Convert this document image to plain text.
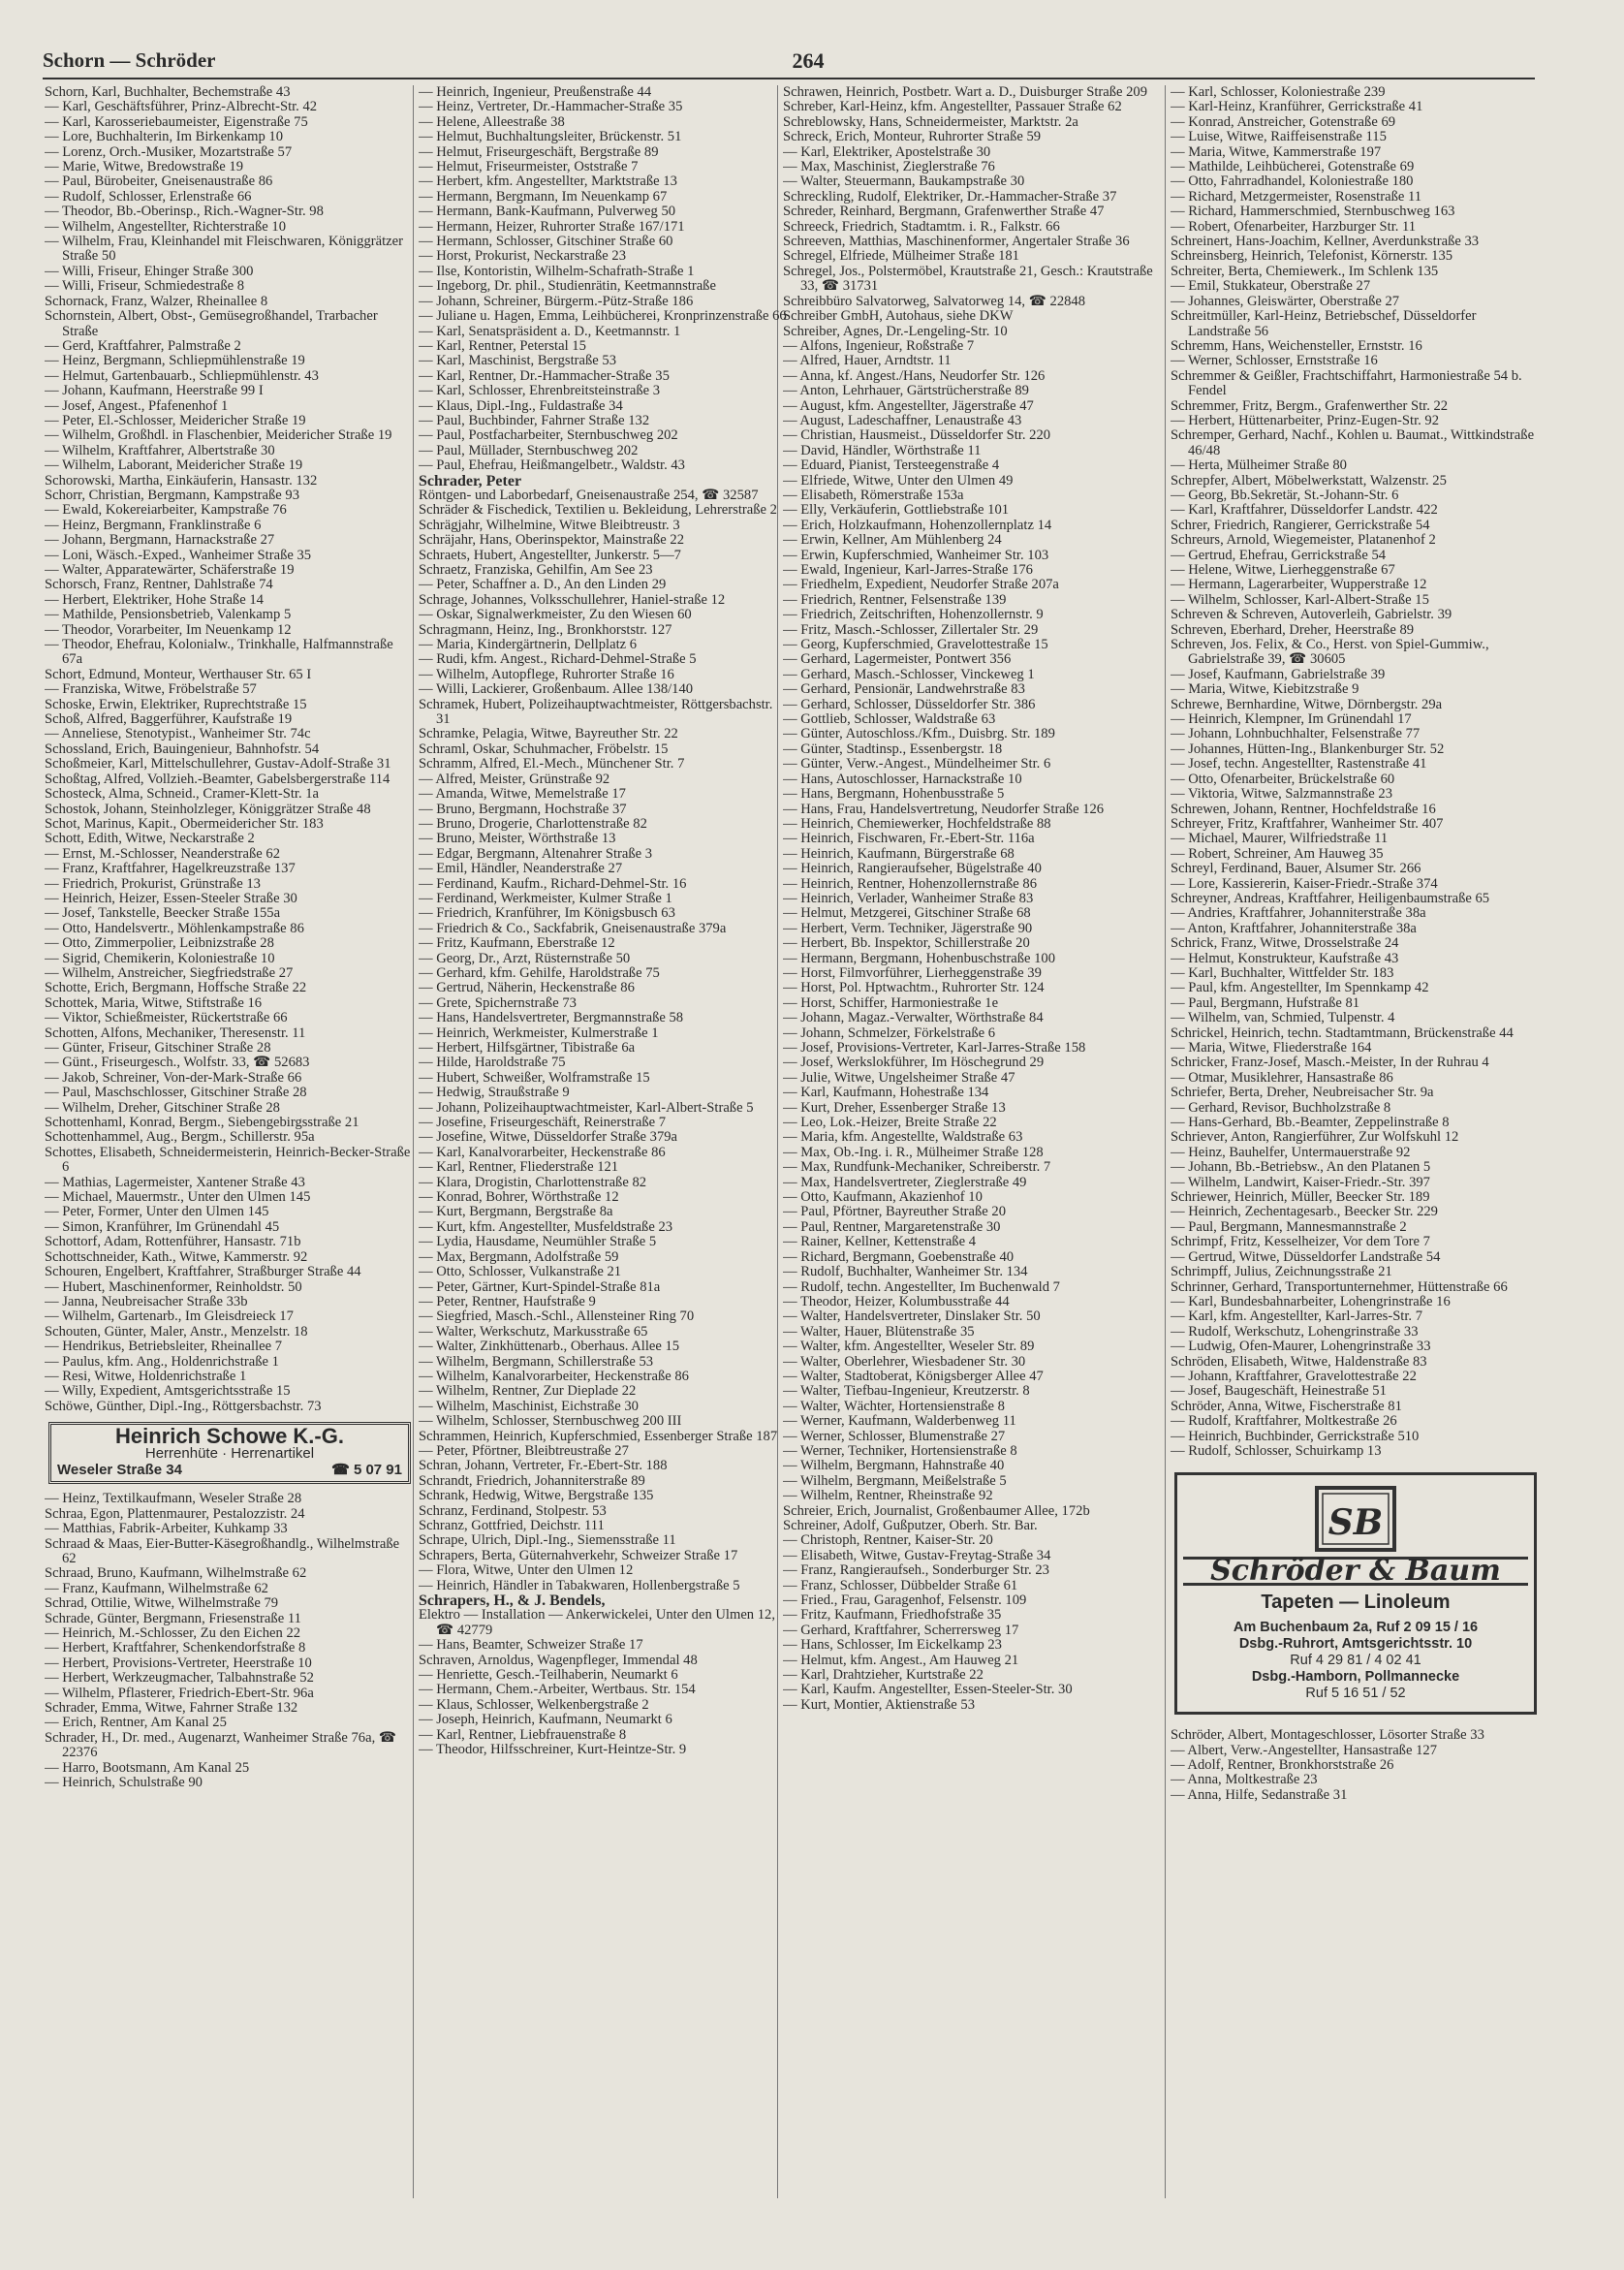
Schorn — Schröder	264

Schorn, Karl, Buchhalter, Bechemstraße 43

— Karl, Geschäftsführer, Prinz-Albrecht-Str. 42

— Karl, Karosseriebaumeister, Eigenstraße 75

— Lore, Buchhalterin, Im Birkenkamp 10

— Lorenz, Orch.-Musiker, Mozartstraße 57

— Marie, Witwe, Bredowstraße 19

— Paul, Bürobeiter, Gneisenaustraße 86

— Rudolf, Schlosser, Erlenstraße 66

— Theodor, Bb.-Oberinsp., Rich.-Wagner-Str. 98

— Wilhelm, Angestellter, Richterstraße 10

— Wilhelm, Frau, Kleinhandel mit Fleischwaren, Königgrätzer Straße 50

— Willi, Friseur, Ehinger Straße 300

— Willi, Friseur, Schmiedestraße 8

Schornack, Franz, Walzer, Rheinallee 8

Schornstein, Albert, Obst-, Gemüsegroßhandel, Trarbacher Straße

— Gerd, Kraftfahrer, Palmstraße 2

— Heinz, Bergmann, Schliepmühlenstraße 19

— Helmut, Gartenbauarb., Schliepmühlenstr. 43

— Johann, Kaufmann, Heerstraße 99 I

— Josef, Angest., Pfafenenhof 1

— Peter, El.-Schlosser, Meidericher Straße 19

— Wilhelm, Großhdl. in Flaschenbier, Meidericher Straße 19

— Wilhelm, Kraftfahrer, Albertstraße 30

— Wilhelm, Laborant, Meidericher Straße 19

Schorowski, Martha, Einkäuferin, Hansastr. 132

Schorr, Christian, Bergmann, Kampstraße 93

— Ewald, Kokereiarbeiter, Kampstraße 76

— Heinz, Bergmann, Franklinstraße 6

— Johann, Bergmann, Harnackstraße 27

— Loni, Wäsch.-Exped., Wanheimer Straße 35

— Walter, Apparatewärter, Schäferstraße 19

Schorsch, Franz, Rentner, Dahlstraße 74

— Herbert, Elektriker, Hohe Straße 14

— Mathilde, Pensionsbetrieb, Valenkamp 5

— Theodor, Vorarbeiter, Im Neuenkamp 12

— Theodor, Ehefrau, Kolonialw., Trinkhalle, Halfmannstraße 67a

Schort, Edmund, Monteur, Werthauser Str. 65 I

— Franziska, Witwe, Fröbelstraße 57

Schoske, Erwin, Elektriker, Ruprechtstraße 15

Schoß, Alfred, Baggerführer, Kaufstraße 19

— Anneliese, Stenotypist., Wanheimer Str. 74c

Schossland, Erich, Bauingenieur, Bahnhofstr. 54

Schoßmeier, Karl, Mittelschullehrer, Gustav-Adolf-Straße 31

Schoßtag, Alfred, Vollzieh.-Beamter, Gabelsbergerstraße 114

Schosteck, Alma, Schneid., Cramer-Klett-Str. 1a

Schostok, Johann, Steinholzleger, Königgrätzer Straße 48

Schot, Marinus, Kapit., Obermeidericher Str. 183

Schott, Edith, Witwe, Neckarstraße 2

— Ernst, M.-Schlosser, Neanderstraße 62

— Franz, Kraftfahrer, Hagelkreuzstraße 137

— Friedrich, Prokurist, Grünstraße 13

— Heinrich, Heizer, Essen-Steeler Straße 30

— Josef, Tankstelle, Beecker Straße 155a

— Otto, Handelsvertr., Möhlenkampstraße 86

— Otto, Zimmerpolier, Leibnizstraße 28

— Sigrid, Chemikerin, Koloniestraße 10

— Wilhelm, Anstreicher, Siegfriedstraße 27

Schotte, Erich, Bergmann, Hoffsche Straße 22

Schottek, Maria, Witwe, Stiftstraße 16

— Viktor, Schießmeister, Rückertstraße 66

Schotten, Alfons, Mechaniker, Theresenstr. 11

— Günter, Friseur, Gitschiner Straße 28

— Günt., Friseurgesch., Wolfstr. 33, ☎ 52683

— Jakob, Schreiner, Von-der-Mark-Straße 66

— Paul, Maschschlosser, Gitschiner Straße 28

— Wilhelm, Dreher, Gitschiner Straße 28

Schottenhaml, Konrad, Bergm., Siebengebirgsstraße 21

Schottenhammel, Aug., Bergm., Schillerstr. 95a

Schottes, Elisabeth, Schneidermeisterin, Heinrich-Becker-Straße 6

— Mathias, Lagermeister, Xantener Straße 43

— Michael, Mauermstr., Unter den Ulmen 145

— Peter, Former, Unter den Ulmen 145

— Simon, Kranführer, Im Grünendahl 45

Schottorf, Adam, Rottenführer, Hansastr. 71b

Schottschneider, Kath., Witwe, Kammerstr. 92

Schouren, Engelbert, Kraftfahrer, Straßburger Straße 44

— Hubert, Maschinenformer, Reinholdstr. 50

— Janna, Neubreisacher Straße 33b

— Wilhelm, Gartenarb., Im Gleisdreieck 17

Schouten, Günter, Maler, Anstr., Menzelstr. 18

— Hendrikus, Betriebsleiter, Rheinallee 7

— Paulus, kfm. Ang., Holdenrichstraße 1

— Resi, Witwe, Holdenrichstraße 1

— Willy, Expedient, Amtsgerichtsstraße 15

Schöwe, Günther, Dipl.-Ing., Röttgersbachstr. 73

Heinrich Schowe K.-G.
Herrenhüte · Herrenartikel
Weseler Straße 34	☎ 5 07 91

— Heinz, Textilkaufmann, Weseler Straße 28

Schraa, Egon, Plattenmaurer, Pestalozzistr. 24

— Matthias, Fabrik-Arbeiter, Kuhkamp 33

Schraad & Maas, Eier-Butter-Käsegroßhandlg., Wilhelmstraße 62

Schraad, Bruno, Kaufmann, Wilhelmstraße 62

— Franz, Kaufmann, Wilhelmstraße 62

Schrad, Ottilie, Witwe, Wilhelmstraße 79

Schrade, Günter, Bergmann, Friesenstraße 11

— Heinrich, M.-Schlosser, Zu den Eichen 22

— Herbert, Kraftfahrer, Schenkendorfstraße 8

— Herbert, Provisions-Vertreter, Heerstraße 10

— Herbert, Werkzeugmacher, Talbahnstraße 52

— Wilhelm, Pflasterer, Friedrich-Ebert-Str. 96a

Schrader, Emma, Witwe, Fahrner Straße 132

— Erich, Rentner, Am Kanal 25

Schrader, H., Dr. med., Augenarzt, Wanheimer Straße 76a, ☎ 22376

— Harro, Bootsmann, Am Kanal 25

— Heinrich, Schulstraße 90

— Heinrich, Ingenieur, Preußenstraße 44

— Heinz, Vertreter, Dr.-Hammacher-Straße 35

— Helene, Alleestraße 38

— Helmut, Buchhaltungsleiter, Brückenstr. 51

— Helmut, Friseurgeschäft, Bergstraße 89

— Helmut, Friseurmeister, Oststraße 7

— Herbert, kfm. Angestellter, Marktstraße 13

— Hermann, Bergmann, Im Neuenkamp 67

— Hermann, Bank-Kaufmann, Pulverweg 50

— Hermann, Heizer, Ruhrorter Straße 167/171

— Hermann, Schlosser, Gitschiner Straße 60

— Horst, Prokurist, Neckarstraße 23

— Ilse, Kontoristin, Wilhelm-Schafrath-Straße 1

— Ingeborg, Dr. phil., Studienrätin, Keetmannstraße

— Johann, Schreiner, Bürgerm.-Pütz-Straße 186

— Juliane u. Hagen, Emma, Leihbücherei, Kronprinzenstraße 66

— Karl, Senatspräsident a. D., Keetmannstr. 1

— Karl, Rentner, Peterstal 15

— Karl, Maschinist, Bergstraße 53

— Karl, Rentner, Dr.-Hammacher-Straße 35

— Karl, Schlosser, Ehrenbreitsteinstraße 3

— Klaus, Dipl.-Ing., Fuldastraße 34

— Paul, Buchbinder, Fahrner Straße 132

— Paul, Postfacharbeiter, Sternbuschweg 202

— Paul, Müllader, Sternbuschweg 202

— Paul, Ehefrau, Heißmangelbetr., Waldstr. 43

Schrader, Peter

Röntgen- und Laborbedarf, Gneisenaustraße 254, ☎ 32587

Schräder & Fischedick, Textilien u. Bekleidung, Lehrerstraße 2

Schrägjahr, Wilhelmine, Witwe Bleibtreustr. 3

Schräjahr, Hans, Oberinspektor, Mainstraße 22

Schraets, Hubert, Angestellter, Junkerstr. 5—7

Schraetz, Franziska, Gehilfin, Am See 23

— Peter, Schaffner a. D., An den Linden 29

Schrage, Johannes, Volksschullehrer, Haniel-straße 12

— Oskar, Signalwerkmeister, Zu den Wiesen 60

Schragmann, Heinz, Ing., Bronkhorststr. 127

— Maria, Kindergärtnerin, Dellplatz 6

— Rudi, kfm. Angest., Richard-Dehmel-Straße 5

— Wilhelm, Autopflege, Ruhrorter Straße 16

— Willi, Lackierer, Großenbaum. Allee 138/140

Schramek, Hubert, Polizeihauptwachtmeister, Röttgersbachstr. 31

Schramke, Pelagia, Witwe, Bayreuther Str. 22

Schraml, Oskar, Schuhmacher, Fröbelstr. 15

Schramm, Alfred, El.-Mech., Münchener Str. 7

— Alfred, Meister, Grünstraße 92

— Amanda, Witwe, Memelstraße 17

— Bruno, Bergmann, Hochstraße 37

— Bruno, Drogerie, Charlottenstraße 82

— Bruno, Meister, Wörthstraße 13

— Edgar, Bergmann, Altenahrer Straße 3

— Emil, Händler, Neanderstraße 27

— Ferdinand, Kaufm., Richard-Dehmel-Str. 16

— Ferdinand, Werkmeister, Kulmer Straße 1

— Friedrich, Kranführer, Im Königsbusch 63

— Friedrich & Co., Sackfabrik, Gneisenaustraße 379a

— Fritz, Kaufmann, Eberstraße 12

— Georg, Dr., Arzt, Rüsternstraße 50

— Gerhard, kfm. Gehilfe, Haroldstraße 75

— Gertrud, Näherin, Heckenstraße 86

— Grete, Spichernstraße 73

— Hans, Handelsvertreter, Bergmannstraße 58

— Heinrich, Werkmeister, Kulmerstraße 1

— Herbert, Hilfsgärtner, Tibistraße 6a

— Hilde, Haroldstraße 75

— Hubert, Schweißer, Wolframstraße 15

— Hedwig, Straußstraße 9

— Johann, Polizeihauptwachtmeister, Karl-Albert-Straße 5

— Josefine, Friseurgeschäft, Reinerstraße 7

— Josefine, Witwe, Düsseldorfer Straße 379a

— Karl, Kanalvorarbeiter, Heckenstraße 86

— Karl, Rentner, Fliederstraße 121

— Klara, Drogistin, Charlottenstraße 82

— Konrad, Bohrer, Wörthstraße 12

— Kurt, Bergmann, Bergstraße 8a

— Kurt, kfm. Angestellter, Musfeldstraße 23

— Lydia, Hausdame, Neumühler Straße 5

— Max, Bergmann, Adolfstraße 59

— Otto, Schlosser, Vulkanstraße 21

— Peter, Gärtner, Kurt-Spindel-Straße 81a

— Peter, Rentner, Haufstraße 9

— Siegfried, Masch.-Schl., Allensteiner Ring 70

— Walter, Werkschutz, Markusstraße 65

— Walter, Zinkhüttenarb., Oberhaus. Allee 15

— Wilhelm, Bergmann, Schillerstraße 53

— Wilhelm, Kanalvorarbeiter, Heckenstraße 86

— Wilhelm, Rentner, Zur Dieplade 22

— Wilhelm, Maschinist, Eichstraße 30

— Wilhelm, Schlosser, Sternbuschweg 200 III

Schrammen, Heinrich, Kupferschmied, Essenberger Straße 187

— Peter, Pförtner, Bleibtreustraße 27

Schran, Johann, Vertreter, Fr.-Ebert-Str. 188

Schrandt, Friedrich, Johanniterstraße 89

Schrank, Hedwig, Witwe, Bergstraße 135

Schranz, Ferdinand, Stolpestr. 53

Schranz, Gottfried, Deichstr. 111

Schrape, Ulrich, Dipl.-Ing., Siemensstraße 11

Schrapers, Berta, Güternahverkehr, Schweizer Straße 17

— Flora, Witwe, Unter den Ulmen 12

— Heinrich, Händler in Tabakwaren, Hollenbergstraße 5

Schrapers, H., & J. Bendels,

Elektro — Installation — Ankerwickelei, Unter den Ulmen 12, ☎ 42779

— Hans, Beamter, Schweizer Straße 17

Schraven, Arnoldus, Wagenpfleger, Immendal 48

— Henriette, Gesch.-Teilhaberin, Neumarkt 6

— Hermann, Chem.-Arbeiter, Wertbaus. Str. 154

— Klaus, Schlosser, Welkenbergstraße 2

— Joseph, Heinrich, Kaufmann, Neumarkt 6

— Karl, Rentner, Liebfrauenstraße 8

— Theodor, Hilfsschreiner, Kurt-Heintze-Str. 9

Schrawen, Heinrich, Postbetr. Wart a. D., Duisburger Straße 209

Schreber, Karl-Heinz, kfm. Angestellter, Passauer Straße 62

Schreblowsky, Hans, Schneidermeister, Marktstr. 2a

Schreck, Erich, Monteur, Ruhrorter Straße 59

— Karl, Elektriker, Apostelstraße 30

— Max, Maschinist, Zieglerstraße 76

— Walter, Steuermann, Baukampstraße 30

Schreckling, Rudolf, Elektriker, Dr.-Hammacher-Straße 37

Schreder, Reinhard, Bergmann, Grafenwerther Straße 47

Schreeck, Friedrich, Stadtamtm. i. R., Falkstr. 66

Schreeven, Matthias, Maschinenformer, Angertaler Straße 36

Schregel, Elfriede, Mülheimer Straße 181

Schregel, Jos., Polstermöbel, Krautstraße 21, Gesch.: Krautstraße 33, ☎ 31731

Schreibbüro Salvatorweg, Salvatorweg 14, ☎ 22848

Schreiber GmbH, Autohaus, siehe DKW

Schreiber, Agnes, Dr.-Lengeling-Str. 10

— Alfons, Ingenieur, Roßstraße 7

— Alfred, Hauer, Arndtstr. 11

— Anna, kf. Angest./Hans, Neudorfer Str. 126

— Anton, Lehrhauer, Gärtstrücherstraße 89

— August, kfm. Angestellter, Jägerstraße 47

— August, Ladeschaffner, Lenaustraße 43

— Christian, Hausmeist., Düsseldorfer Str. 220

— David, Händler, Wörthstraße 11

— Eduard, Pianist, Tersteegenstraße 4

— Elfriede, Witwe, Unter den Ulmen 49

— Elisabeth, Römerstraße 153a

— Elly, Verkäuferin, Gottliebstraße 101

— Erich, Holzkaufmann, Hohenzollernplatz 14

— Erwin, Kellner, Am Mühlenberg 24

— Erwin, Kupferschmied, Wanheimer Str. 103

— Ewald, Ingenieur, Karl-Jarres-Straße 176

— Friedhelm, Expedient, Neudorfer Straße 207a

— Friedrich, Rentner, Felsenstraße 139

— Friedrich, Zeitschriften, Hohenzollernstr. 9

— Fritz, Masch.-Schlosser, Zillertaler Str. 29

— Georg, Kupferschmied, Gravelottestraße 15

— Gerhard, Lagermeister, Pontwert 356

— Gerhard, Masch.-Schlosser, Vinckeweg 1

— Gerhard, Pensionär, Landwehrstraße 83

— Gerhard, Schlosser, Düsseldorfer Str. 386

— Gottlieb, Schlosser, Waldstraße 63

— Günter, Autoschloss./Kfm., Duisbrg. Str. 189

— Günter, Stadtinsp., Essenbergstr. 18

— Günter, Verw.-Angest., Mündelheimer Str. 6

— Hans, Autoschlosser, Harnackstraße 10

— Hans, Bergmann, Hohenbusstraße 5

— Hans, Frau, Handelsvertretung, Neudorfer Straße 126

— Heinrich, Chemiewerker, Hochfeldstraße 88

— Heinrich, Fischwaren, Fr.-Ebert-Str. 116a

— Heinrich, Kaufmann, Bürgerstraße 68

— Heinrich, Rangieraufseher, Bügelstraße 40

— Heinrich, Rentner, Hohenzollernstraße 86

— Heinrich, Verlader, Wanheimer Straße 83

— Helmut, Metzgerei, Gitschiner Straße 68

— Herbert, Verm. Techniker, Jägerstraße 90

— Herbert, Bb. Inspektor, Schillerstraße 20

— Hermann, Bergmann, Hohenbuschstraße 100

— Horst, Filmvorführer, Lierheggenstraße 39

— Horst, Pol. Hptwachtm., Ruhrorter Str. 124

— Horst, Schiffer, Harmoniestraße 1e

— Johann, Magaz.-Verwalter, Wörthstraße 84

— Johann, Schmelzer, Förkelstraße 6

— Josef, Provisions-Vertreter, Karl-Jarres-Straße 158

— Josef, Werkslokführer, Im Höschegrund 29

— Julie, Witwe, Ungelsheimer Straße 47

— Karl, Kaufmann, Hohestraße 134

— Kurt, Dreher, Essenberger Straße 13

— Leo, Lok.-Heizer, Breite Straße 22

— Maria, kfm. Angestellte, Waldstraße 63

— Max, Ob.-Ing. i. R., Mülheimer Straße 128

— Max, Rundfunk-Mechaniker, Schreiberstr. 7

— Max, Handelsvertreter, Zieglerstraße 49

— Otto, Kaufmann, Akazienhof 10

— Paul, Pförtner, Bayreuther Straße 20

— Paul, Rentner, Margaretenstraße 30

— Rainer, Kellner, Kettenstraße 4

— Richard, Bergmann, Goebenstraße 40

— Rudolf, Buchhalter, Wanheimer Str. 134

— Rudolf, techn. Angestellter, Im Buchenwald 7

— Theodor, Heizer, Kolumbusstraße 44

— Walter, Handelsvertreter, Dinslaker Str. 50

— Walter, Hauer, Blütenstraße 35

— Walter, kfm. Angestellter, Weseler Str. 89

— Walter, Oberlehrer, Wiesbadener Str. 30

— Walter, Stadtoberat, Königsberger Allee 47

— Walter, Tiefbau-Ingenieur, Kreutzerstr. 8

— Walter, Wächter, Hortensienstraße 8

— Werner, Kaufmann, Walderbenweg 11

— Werner, Schlosser, Blumenstraße 27

— Werner, Techniker, Hortensienstraße 8

— Wilhelm, Bergmann, Hahnstraße 40

— Wilhelm, Bergmann, Meißelstraße 5

— Wilhelm, Rentner, Rheinstraße 92

Schreier, Erich, Journalist, Großenbaumer Allee, 172b

Schreiner, Adolf, Gußputzer, Oberh. Str. Bar.

— Christoph, Rentner, Kaiser-Str. 20

— Elisabeth, Witwe, Gustav-Freytag-Straße 34

— Franz, Rangieraufseh., Sonderburger Str. 23

— Franz, Schlosser, Dübbelder Straße 61

— Fried., Frau, Garagenhof, Felsenstr. 109

— Fritz, Kaufmann, Friedhofstraße 35

— Gerhard, Kraftfahrer, Scherrersweg 17

— Hans, Schlosser, Im Eickelkamp 23

— Helmut, kfm. Angest., Am Hauweg 21

— Karl, Drahtzieher, Kurtstraße 22

— Karl, Kaufm. Angestellter, Essen-Steeler-Str. 30

— Kurt, Montier, Aktienstraße 53

— Karl, Schlosser, Koloniestraße 239

— Karl-Heinz, Kranführer, Gerrickstraße 41

— Konrad, Anstreicher, Gotenstraße 69

— Luise, Witwe, Raiffeisenstraße 115

— Maria, Witwe, Kammerstraße 197

— Mathilde, Leihbücherei, Gotenstraße 69

— Otto, Fahrradhandel, Koloniestraße 180

— Richard, Metzgermeister, Rosenstraße 11

— Richard, Hammerschmied, Sternbuschweg 163

— Robert, Ofenarbeiter, Harzburger Str. 11

Schreinert, Hans-Joachim, Kellner, Averdunkstraße 33

Schreinsberg, Heinrich, Telefonist, Körnerstr. 135

Schreiter, Berta, Chemiewerk., Im Schlenk 135

— Emil, Stukkateur, Oberstraße 27

— Johannes, Gleiswärter, Oberstraße 27

Schreitmüller, Karl-Heinz, Betriebschef, Düsseldorfer Landstraße 56

Schremm, Hans, Weichensteller, Ernststr. 16

— Werner, Schlosser, Ernststraße 16

Schremmer & Geißler, Frachtschiffahrt, Harmoniestraße 54 b. Fendel

Schremmer, Fritz, Bergm., Grafenwerther Str. 22

— Herbert, Hüttenarbeiter, Prinz-Eugen-Str. 92

Schremper, Gerhard, Nachf., Kohlen u. Baumat., Wittkindstraße 46/48

— Herta, Mülheimer Straße 80

Schrepfer, Albert, Möbelwerkstatt, Walzenstr. 25

— Georg, Bb.Sekretär, St.-Johann-Str. 6

— Karl, Kraftfahrer, Düsseldorfer Landstr. 422

Schrer, Friedrich, Rangierer, Gerrickstraße 54

Schreurs, Arnold, Wiegemeister, Platanenhof 2

— Gertrud, Ehefrau, Gerrickstraße 54

— Helene, Witwe, Lierheggenstraße 67

— Hermann, Lagerarbeiter, Wupperstraße 12

— Wilhelm, Schlosser, Karl-Albert-Straße 15

Schreven & Schreven, Autoverleih, Gabrielstr. 39

Schreven, Eberhard, Dreher, Heerstraße 89

Schreven, Jos. Felix, & Co., Herst. von Spiel-Gummiw., Gabrielstraße 39, ☎ 30605

— Josef, Kaufmann, Gabrielstraße 39

— Maria, Witwe, Kiebitzstraße 9

Schrewe, Bernhardine, Witwe, Dörnbergstr. 29a

— Heinrich, Klempner, Im Grünendahl 17

— Johann, Lohnbuchhalter, Felsenstraße 77

— Johannes, Hütten-Ing., Blankenburger Str. 52

— Josef, techn. Angestellter, Rastenstraße 41

— Otto, Ofenarbeiter, Brückelstraße 60

— Viktoria, Witwe, Salzmannstraße 23

Schrewen, Johann, Rentner, Hochfeldstraße 16

Schreyer, Fritz, Kraftfahrer, Wanheimer Str. 407

— Michael, Maurer, Wilfriedstraße 11

— Robert, Schreiner, Am Hauweg 35

Schreyl, Ferdinand, Bauer, Alsumer Str. 266

— Lore, Kassiererin, Kaiser-Friedr.-Straße 374

Schreyner, Andreas, Kraftfahrer, Heiligenbaumstraße 65

— Andries, Kraftfahrer, Johanniterstraße 38a

— Anton, Kraftfahrer, Johanniterstraße 38a

Schrick, Franz, Witwe, Drosselstraße 24

— Helmut, Konstrukteur, Kaufstraße 43

— Karl, Buchhalter, Wittfelder Str. 183

— Paul, kfm. Angestellter, Im Spennkamp 42

— Paul, Bergmann, Hufstraße 81

— Wilhelm, van, Schmied, Tulpenstr. 4

Schrickel, Heinrich, techn. Stadtamtmann, Brückenstraße 44

— Maria, Witwe, Fliederstraße 164

Schricker, Franz-Josef, Masch.-Meister, In der Ruhrau 4

— Otmar, Musiklehrer, Hansastraße 86

Schriefer, Berta, Dreher, Neubreisacher Str. 9a

— Gerhard, Revisor, Buchholzstraße 8

— Hans-Gerhard, Bb.-Beamter, Zeppelinstraße 8

Schriever, Anton, Rangierführer, Zur Wolfskuhl 12

— Heinz, Bauhelfer, Untermauerstraße 92

— Johann, Bb.-Betriebsw., An den Platanen 5

— Wilhelm, Landwirt, Kaiser-Friedr.-Str. 397

Schriewer, Heinrich, Müller, Beecker Str. 189

— Heinrich, Zechentagesarb., Beecker Str. 229

— Paul, Bergmann, Mannesmannstraße 2

Schrimpf, Fritz, Kesselheizer, Vor dem Tore 7

— Gertrud, Witwe, Düsseldorfer Landstraße 54

Schrimpff, Julius, Zeichnungsstraße 21

Schrinner, Gerhard, Transportunternehmer, Hüttenstraße 66

— Karl, Bundesbahnarbeiter, Lohengrinstraße 16

— Karl, kfm. Angestellter, Karl-Jarres-Str. 7

— Rudolf, Werkschutz, Lohengrinstraße 33

— Ludwig, Ofen-Maurer, Lohengrinstraße 33

Schröden, Elisabeth, Witwe, Haldenstraße 83

— Johann, Kraftfahrer, Gravelottestraße 22

— Josef, Baugeschäft, Heinestraße 51

Schröder, Anna, Witwe, Fischerstraße 81

— Rudolf, Kraftfahrer, Moltkestraße 26

— Heinrich, Buchbinder, Gerrickstraße 510

— Rudolf, Schlosser, Schuirkamp 13

SB
Schröder & Baum
Tapeten — Linoleum
Am Buchenbaum 2a, Ruf 2 09 15 / 16
Dsbg.-Ruhrort, Amtsgerichtsstr. 10
Ruf 4 29 81 / 4 02 41
Dsbg.-Hamborn, Pollmannecke
Ruf 5 16 51 / 52

Schröder, Albert, Montageschlosser, Lösorter Straße 33

— Albert, Verw.-Angestellter, Hansastraße 127

— Adolf, Rentner, Bronkhorststraße 26

— Anna, Moltkestraße 23

— Anna, Hilfe, Sedanstraße 31
